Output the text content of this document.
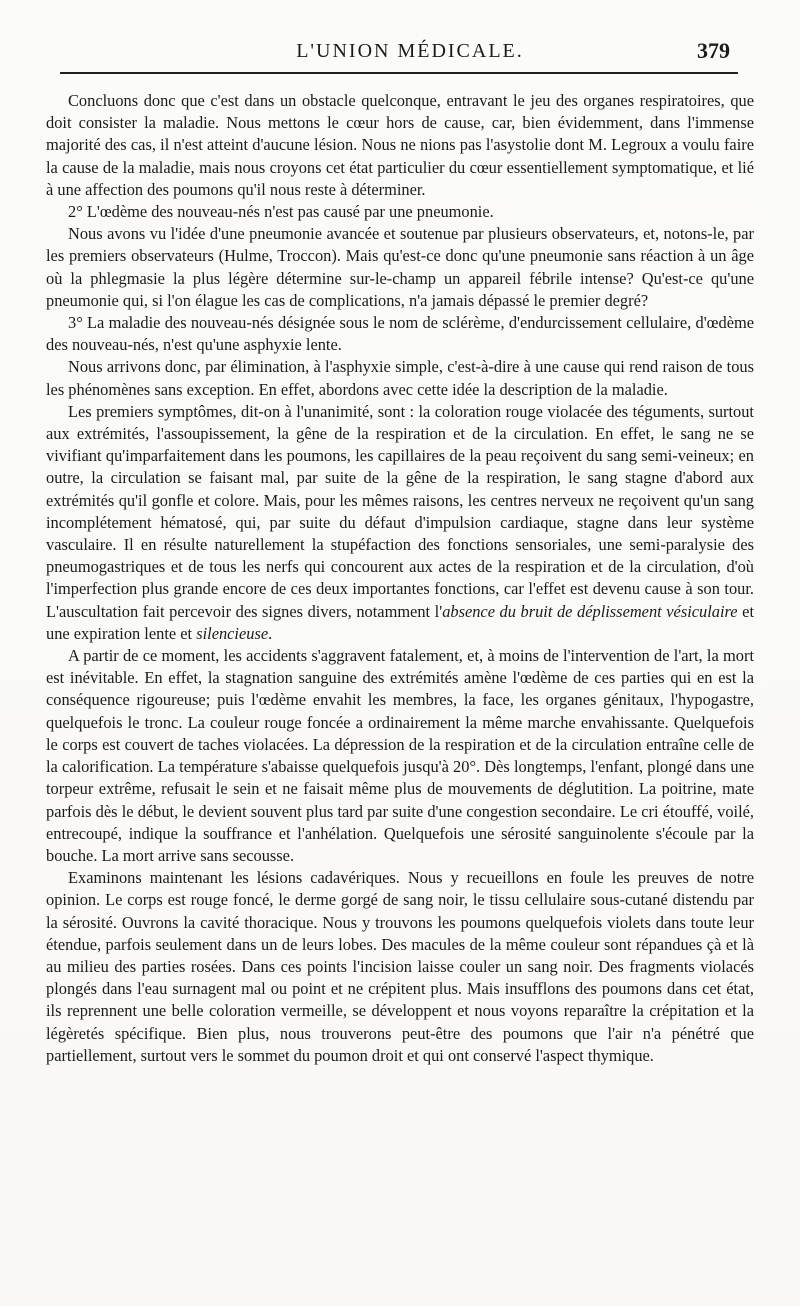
L'UNION MÉDICALE.	379

Concluons donc que c'est dans un obstacle quelconque, entravant le jeu des organes respiratoires, que doit consister la maladie. Nous mettons le cœur hors de cause, car, bien évidemment, dans l'immense majorité des cas, il n'est atteint d'aucune lésion. Nous ne nions pas l'asystolie dont M. Legroux a voulu faire la cause de la maladie, mais nous croyons cet état particulier du cœur essentiellement symptomatique, et lié à une affection des poumons qu'il nous reste à déterminer.

2° L'œdème des nouveau-nés n'est pas causé par une pneumonie.

Nous avons vu l'idée d'une pneumonie avancée et soutenue par plusieurs observateurs, et, notons-le, par les premiers observateurs (Hulme, Troccon). Mais qu'est-ce donc qu'une pneumonie sans réaction à un âge où la phlegmasie la plus légère détermine sur-le-champ un appareil fébrile intense? Qu'est-ce qu'une pneumonie qui, si l'on élague les cas de complications, n'a jamais dépassé le premier degré?

3° La maladie des nouveau-nés désignée sous le nom de sclérème, d'endurcissement cellulaire, d'œdème des nouveau-nés, n'est qu'une asphyxie lente.

Nous arrivons donc, par élimination, à l'asphyxie simple, c'est-à-dire à une cause qui rend raison de tous les phénomènes sans exception. En effet, abordons avec cette idée la description de la maladie.

Les premiers symptômes, dit-on à l'unanimité, sont : la coloration rouge violacée des téguments, surtout aux extrémités, l'assoupissement, la gêne de la respiration et de la circulation. En effet, le sang ne se vivifiant qu'imparfaitement dans les poumons, les capillaires de la peau reçoivent du sang semi-veineux; en outre, la circulation se faisant mal, par suite de la gêne de la respiration, le sang stagne d'abord aux extrémités qu'il gonfle et colore. Mais, pour les mêmes raisons, les centres nerveux ne reçoivent qu'un sang incomplétement hématosé, qui, par suite du défaut d'impulsion cardiaque, stagne dans leur système vasculaire. Il en résulte naturellement la stupéfaction des fonctions sensoriales, une semi-paralysie des pneumogastriques et de tous les nerfs qui concourent aux actes de la respiration et de la circulation, d'où l'imperfection plus grande encore de ces deux importantes fonctions, car l'effet est devenu cause à son tour. L'auscultation fait percevoir des signes divers, notamment l'absence du bruit de déplissement vésiculaire et une expiration lente et silencieuse.

A partir de ce moment, les accidents s'aggravent fatalement, et, à moins de l'intervention de l'art, la mort est inévitable. En effet, la stagnation sanguine des extrémités amène l'œdème de ces parties qui en est la conséquence rigoureuse; puis l'œdème envahit les membres, la face, les organes génitaux, l'hypogastre, quelquefois le tronc. La couleur rouge foncée a ordinairement la même marche envahissante. Quelquefois le corps est couvert de taches violacées. La dépression de la respiration et de la circulation entraîne celle de la calorification. La température s'abaisse quelquefois jusqu'à 20°. Dès longtemps, l'enfant, plongé dans une torpeur extrême, refusait le sein et ne faisait même plus de mouvements de déglutition. La poitrine, mate parfois dès le début, le devient souvent plus tard par suite d'une congestion secondaire. Le cri étouffé, voilé, entrecoupé, indique la souffrance et l'anhélation. Quelquefois une sérosité sanguinolente s'écoule par la bouche. La mort arrive sans secousse.

Examinons maintenant les lésions cadavériques. Nous y recueillons en foule les preuves de notre opinion. Le corps est rouge foncé, le derme gorgé de sang noir, le tissu cellulaire sous-cutané distendu par la sérosité. Ouvrons la cavité thoracique. Nous y trouvons les poumons quelquefois violets dans toute leur étendue, parfois seulement dans un de leurs lobes. Des macules de la même couleur sont répandues çà et là au milieu des parties rosées. Dans ces points l'incision laisse couler un sang noir. Des fragments violacés plongés dans l'eau surnagent mal ou point et ne crépitent plus. Mais insufflons des poumons dans cet état, ils reprennent une belle coloration vermeille, se développent et nous voyons reparaître la crépitation et la légèretés spécifique. Bien plus, nous trouverons peut-être des poumons que l'air n'a pénétré que partiellement, surtout vers le sommet du poumon droit et qui ont conservé l'aspect thymique.
